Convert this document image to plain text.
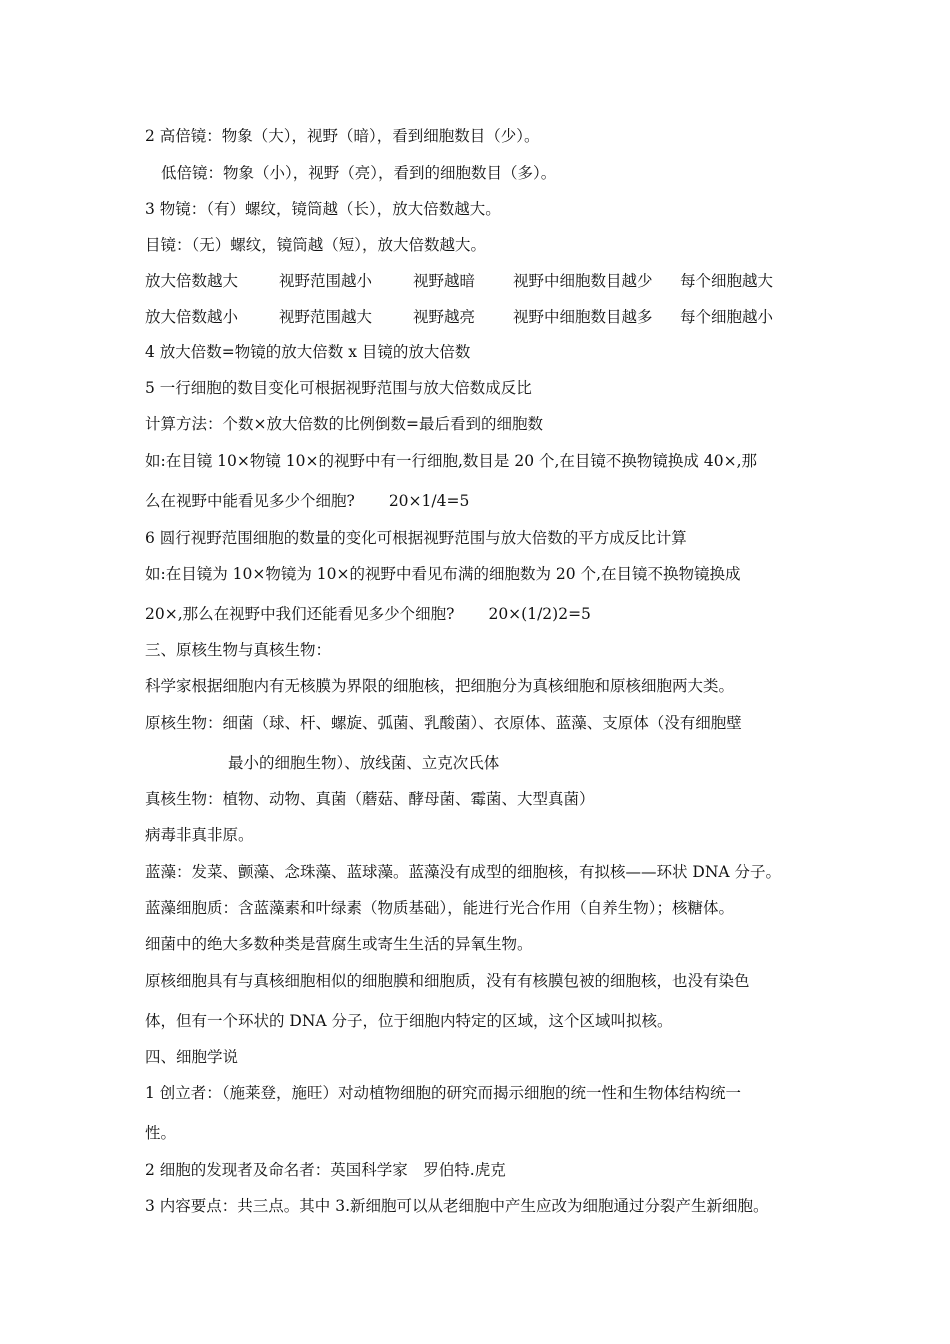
2 高倍镜：物象（大），视野（暗），看到细胞数目（少）。
低倍镜：物象（小），视野（亮），看到的细胞数目（多）。
3 物镜：（有）螺纹，镜筒越（长），放大倍数越大。
目镜：（无）螺纹，镜筒越（短），放大倍数越大。
放大倍数越大	视野范围越小	视野越暗	视野中细胞数目越少	每个细胞越大
放大倍数越小	视野范围越大	视野越亮	视野中细胞数目越多	每个细胞越小
4 放大倍数=物镜的放大倍数 x 目镜的放大倍数
5 一行细胞的数目变化可根据视野范围与放大倍数成反比
计算方法：个数×放大倍数的比例倒数=最后看到的细胞数
如:在目镜 10×物镜 10×的视野中有一行细胞,数目是 20 个,在目镜不换物镜换成 40×,那
么在视野中能看见多少个细胞? 20×1/4=5
6 圆行视野范围细胞的数量的变化可根据视野范围与放大倍数的平方成反比计算
如:在目镜为 10×物镜为 10×的视野中看见布满的细胞数为 20 个,在目镜不换物镜换成
20×,那么在视野中我们还能看见多少个细胞? 20×(1/2)2=5
三、原核生物与真核生物：
科学家根据细胞内有无核膜为界限的细胞核，把细胞分为真核细胞和原核细胞两大类。
原核生物：细菌（球、杆、螺旋、弧菌、乳酸菌）、衣原体、蓝藻、支原体（没有细胞壁
最小的细胞生物）、放线菌、立克次氏体
真核生物：植物、动物、真菌（蘑菇、酵母菌、霉菌、大型真菌）
病毒非真非原。
蓝藻：发菜、颤藻、念珠藻、蓝球藻。蓝藻没有成型的细胞核，有拟核——环状 DNA 分子。
蓝藻细胞质：含蓝藻素和叶绿素（物质基础），能进行光合作用（自养生物）；核糖体。
细菌中的绝大多数种类是营腐生或寄生生活的异氧生物。
原核细胞具有与真核细胞相似的细胞膜和细胞质，没有有核膜包被的细胞核，也没有染色
体，但有一个环状的 DNA 分子，位于细胞内特定的区域，这个区域叫拟核。
四、细胞学说
1 创立者：（施莱登，施旺）对动植物细胞的研究而揭示细胞的统一性和生物体结构统一
性。
2 细胞的发现者及命名者：英国科学家　罗伯特.虎克
3 内容要点：共三点。其中 3.新细胞可以从老细胞中产生应改为细胞通过分裂产生新细胞。
